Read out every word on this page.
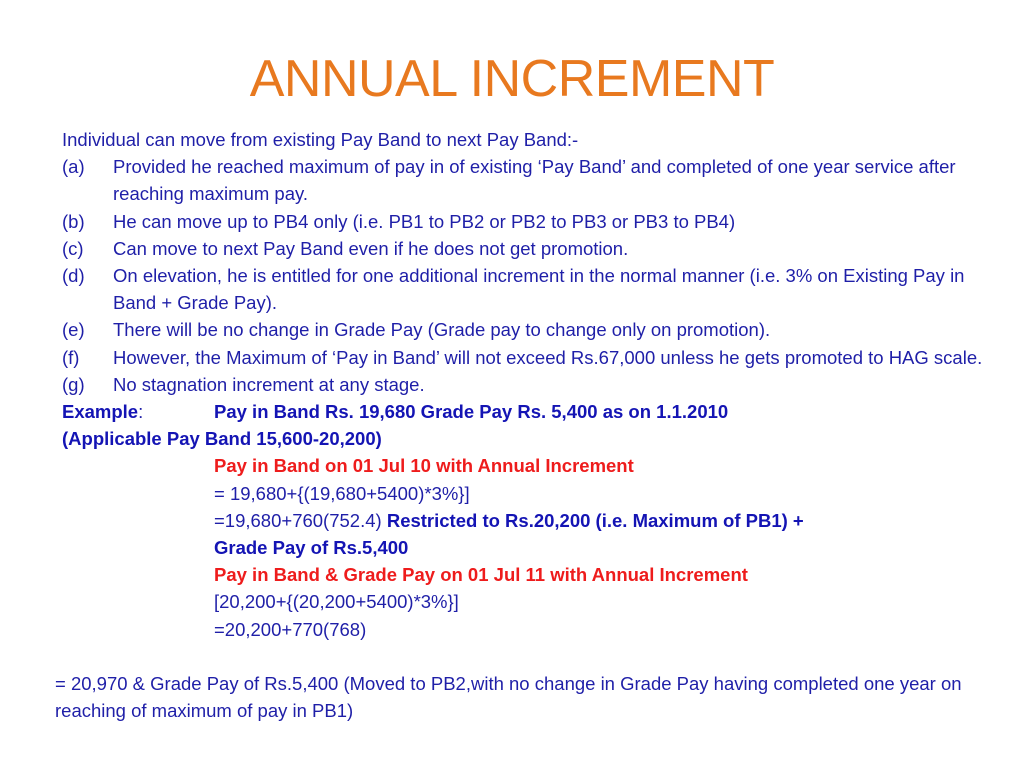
ANNUAL INCREMENT

Individual can move from existing Pay Band to next Pay Band:-

(a)	Provided he reached maximum of pay in of existing ‘Pay Band’ and completed of one year service after reaching maximum pay.
(b)	He can move up to PB4 only (i.e. PB1 to PB2 or PB2 to PB3 or PB3 to PB4)
(c)	Can move to next Pay Band even if he does not get promotion.
(d)	On elevation, he is entitled for one additional increment in the normal manner (i.e. 3% on Existing Pay in Band + Grade Pay).
(e)	There will be no change in Grade Pay (Grade pay to change only on promotion).
(f)	However, the Maximum of ‘Pay in Band’ will not exceed Rs.67,000 unless he gets promoted to HAG scale.
(g)	No stagnation increment at any stage.
Example:	Pay in Band Rs. 19,680 Grade Pay Rs. 5,400 as on 1.1.2010
(Applicable Pay Band 15,600-20,200)
Pay in Band on 01 Jul 10 with Annual Increment
= 19,680+{(19,680+5400)*3%}]
=19,680+760(752.4) Restricted to Rs.20,200 (i.e. Maximum of PB1) +
Grade Pay of Rs.5,400
Pay in Band & Grade Pay on 01 Jul 11 with Annual Increment
[20,200+{(20,200+5400)*3%}]
=20,200+770(768)
= 20,970 & Grade Pay of Rs.5,400 (Moved to PB2,with no change in Grade Pay having completed one year on reaching of maximum of pay in PB1)
